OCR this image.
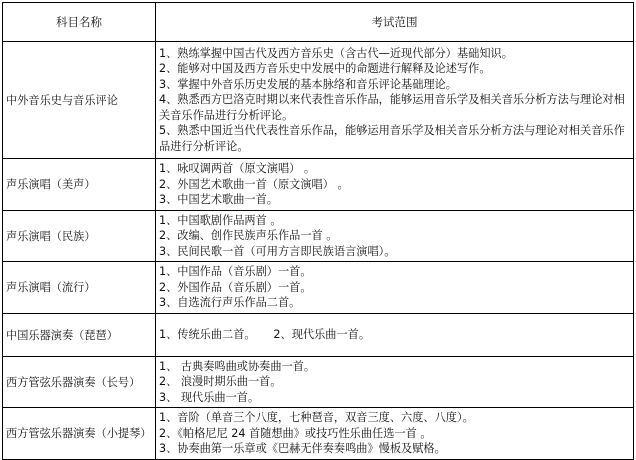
科目名称	考试范围
中外音乐史与音乐评论	1、熟练掌握中国古代及西方音乐史（含古代—近现代部分）基础知识。
2、能够对中国及西方音乐史中发展中的命题进行解释及论述写作。
3、掌握中外音乐历史发展的基本脉络和音乐评论基础理论。
4、熟悉西方巴洛克时期以来代表性音乐作品，能够运用音乐学及相关音乐分析方法与理论对相关音乐作品进行分析评论。
5、熟悉中国近当代代表性音乐作品，能够运用音乐学及相关音乐分析方法与理论对相关音乐作品进行分析评论。

声乐演唱（美声）	1、咏叹调两首（原文演唱） 。
2、外国艺术歌曲一首（原文演唱） 。
3、中国艺术歌曲一首。

声乐演唱（民族）	1、中国歌剧作品两首 。
2、改编、创作民族声乐作品一首 。
3、民间民歌一首（可用方言即民族语言演唱）。

声乐演唱（流行）	1、中国作品（音乐剧）一首。
2、外国作品（音乐剧）一首。
3、自选流行声乐作品二首。

中国乐器演奏（琵琶）	1、传统乐曲二首。     2、现代乐曲一首。

西方管弦乐器演奏（长号）	1、 古典奏鸣曲或协奏曲一首。
2、 浪漫时期乐曲一首。
3、 现代乐曲一首。

西方管弦乐器演奏（小提琴）	1、音阶（单音三个八度，七种琶音，双音三度、六度、八度）。
2、《帕格尼尼 24 首随想曲》或技巧性乐曲任选一首 。
3、协奏曲第一乐章或《巴赫无伴奏奏鸣曲》慢板及赋格。
